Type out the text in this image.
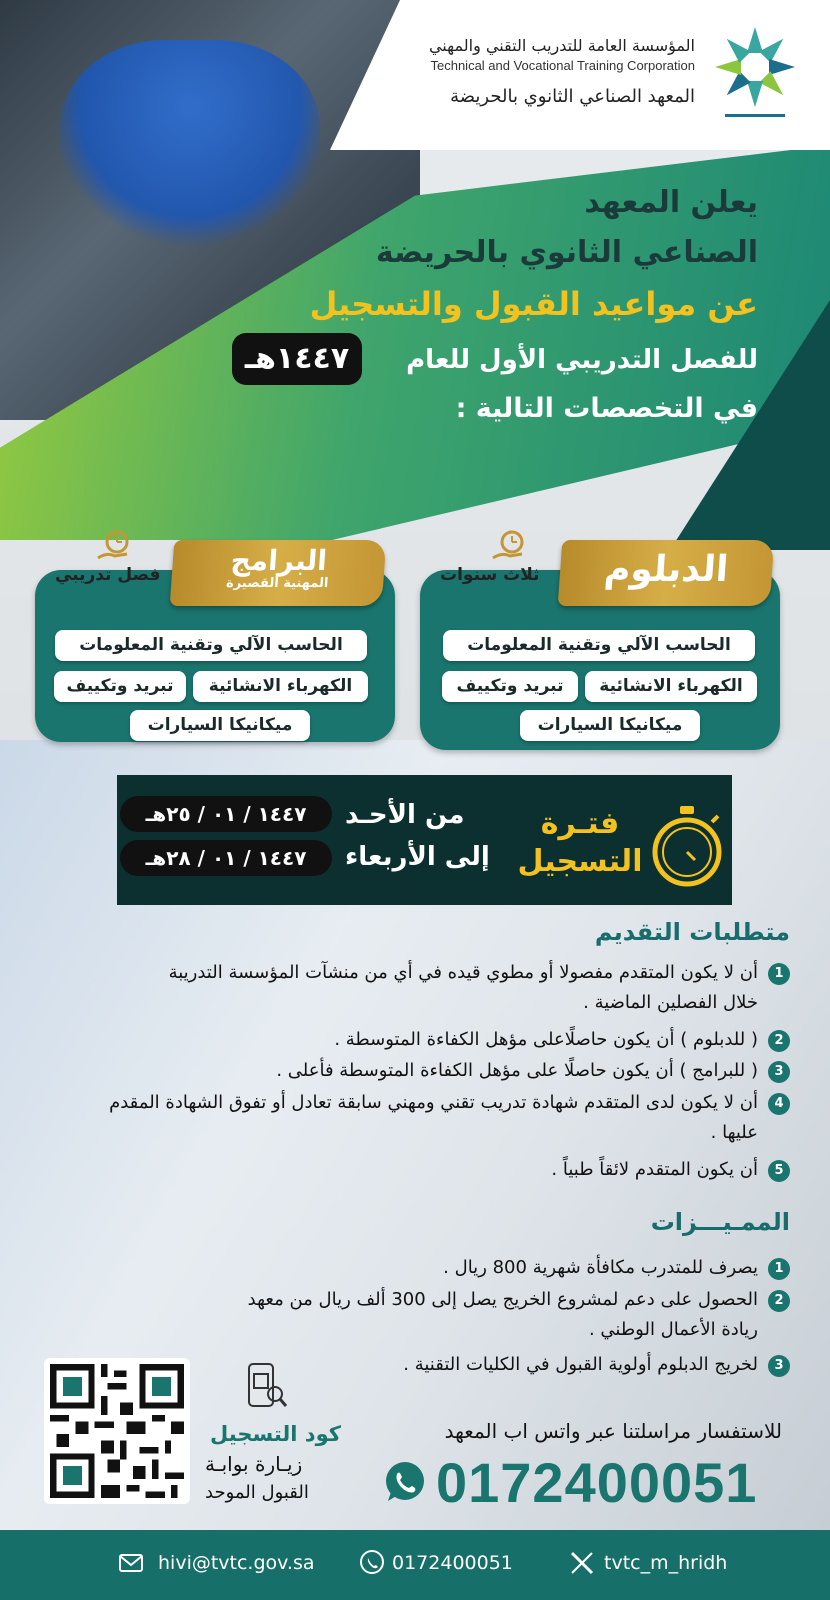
المؤسسة العامة للتدريب التقني والمهني
Technical and Vocational Training Corporation
المعهد الصناعي الثانوي بالحريضة
يعلن المعهد
الصناعي الثانوي بالحريضة
عن مواعيد القبول والتسجيل
للفصل التدريبي الأول للعام
١٤٤٧هـ
في التخصصات التالية :
ثلاث سنوات	الدبلوم
الحاسب الآلي وتقنية المعلومات
الكهرباء الانشائية
تبريد وتكييف
ميكانيكا السيارات
فصل تدريبي	البرامج
المهنية القصيرة
الحاسب الآلي وتقنية المعلومات
الكهرباء الانشائية
تبريد وتكييف
ميكانيكا السيارات
فتـرة
التسجيل
من الأحـد
إلى الأربعاء
١٤٤٧ / ٠١ / ٢٥هـ
١٤٤٧ / ٠١ / ٢٨هـ
متطلبات التقديم
1
أن لا يكون المتقدم مفصولا أو مطوي قيده في أي من منشآت المؤسسة التدريبة خلال الفصلين الماضية .
2
( للدبلوم ) أن يكون حاصلًاعلى مؤهل الكفاءة المتوسطة .
3
( للبرامج ) أن يكون حاصلًا على مؤهل الكفاءة المتوسطة فأعلى .
4
أن لا يكون لدى المتقدم شهادة تدريب تقني ومهني سابقة تعادل أو تفوق الشهادة المقدم عليها .
5
أن يكون المتقدم لائقاً طبياً .
الممـيـــزات
1
يصرف للمتدرب مكافأة شهرية 800 ريال .
2
الحصول على دعم لمشروع الخريج يصل إلى 300 ألف ريال من معهد ريادة الأعمال الوطني .
3
لخريج الدبلوم أولوية القبول في الكليات التقنية .
كود التسجيل
زيـارة بوابـة
القبول الموحد
للاستفسار مراسلتنا عبر واتس اب المعهد
0172400051
hivi@tvtc.gov.sa	0172400051	tvtc_m_hridh
